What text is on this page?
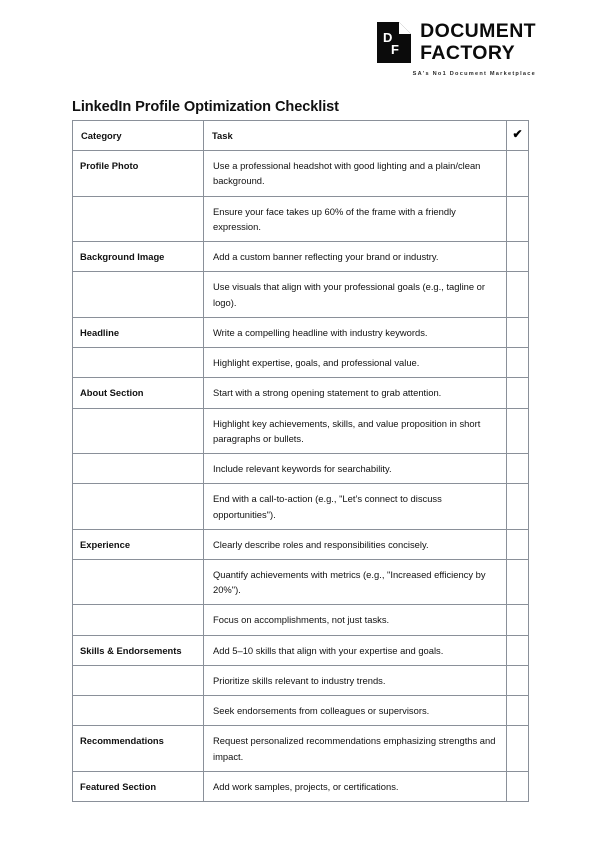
D
F
DOCUMENT
FACTORY
SA's No1 Document Marketplace
LinkedIn Profile Optimization Checklist
Category	Task	✔
Profile Photo	Use a professional headshot with good lighting and a plain/clean background.	
	Ensure your face takes up 60% of the frame with a friendly expression.	
Background Image	Add a custom banner reflecting your brand or industry.	
	Use visuals that align with your professional goals (e.g., tagline or logo).	
Headline	Write a compelling headline with industry keywords.	
	Highlight expertise, goals, and professional value.	
About Section	Start with a strong opening statement to grab attention.	
	Highlight key achievements, skills, and value proposition in short paragraphs or bullets.	
	Include relevant keywords for searchability.	
	End with a call-to-action (e.g., "Let’s connect to discuss opportunities").	
Experience	Clearly describe roles and responsibilities concisely.	
	Quantify achievements with metrics (e.g., "Increased efficiency by 20%").	
	Focus on accomplishments, not just tasks.	
Skills & Endorsements	Add 5–10 skills that align with your expertise and goals.	
	Prioritize skills relevant to industry trends.	
	Seek endorsements from colleagues or supervisors.	
Recommendations	Request personalized recommendations emphasizing strengths and impact.	
Featured Section	Add work samples, projects, or certifications.	
